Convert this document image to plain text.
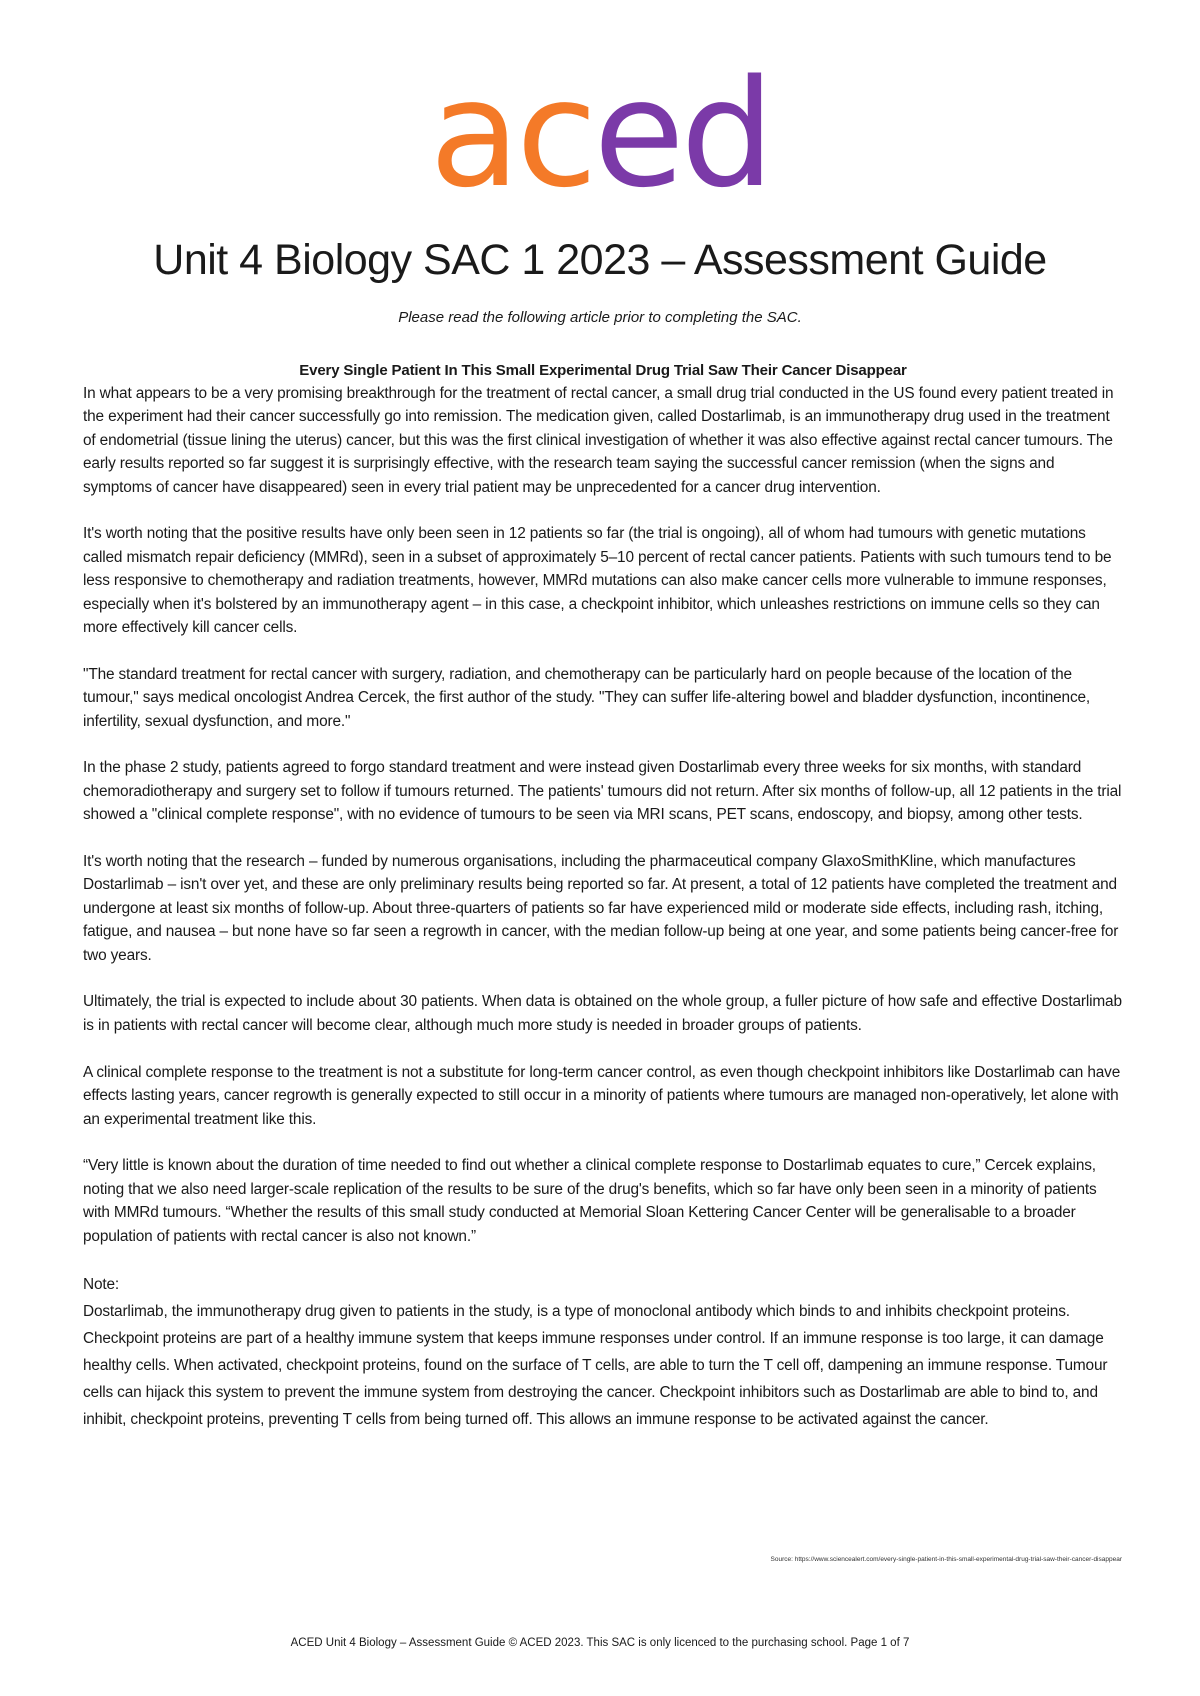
aced
Unit 4 Biology SAC 1 2023 – Assessment Guide

Please read the following article prior to completing the SAC.

Every Single Patient In This Small Experimental Drug Trial Saw Their Cancer Disappear

In what appears to be a very promising breakthrough for the treatment of rectal cancer, a small drug trial conducted in the US found every patient treated in the experiment had their cancer successfully go into remission. The medication given, called Dostarlimab, is an immunotherapy drug used in the treatment of endometrial (tissue lining the uterus) cancer, but this was the first clinical investigation of whether it was also effective against rectal cancer tumours. The early results reported so far suggest it is surprisingly effective, with the research team saying the successful cancer remission (when the signs and symptoms of cancer have disappeared) seen in every trial patient may be unprecedented for a cancer drug intervention.

It's worth noting that the positive results have only been seen in 12 patients so far (the trial is ongoing), all of whom had tumours with genetic mutations called mismatch repair deficiency (MMRd), seen in a subset of approximately 5–10 percent of rectal cancer patients. Patients with such tumours tend to be less responsive to chemotherapy and radiation treatments, however, MMRd mutations can also make cancer cells more vulnerable to immune responses, especially when it's bolstered by an immunotherapy agent – in this case, a checkpoint inhibitor, which unleashes restrictions on immune cells so they can more effectively kill cancer cells.

"The standard treatment for rectal cancer with surgery, radiation, and chemotherapy can be particularly hard on people because of the location of the tumour," says medical oncologist Andrea Cercek, the first author of the study. "They can suffer life-altering bowel and bladder dysfunction, incontinence, infertility, sexual dysfunction, and more."

In the phase 2 study, patients agreed to forgo standard treatment and were instead given Dostarlimab every three weeks for six months, with standard chemoradiotherapy and surgery set to follow if tumours returned. The patients' tumours did not return. After six months of follow-up, all 12 patients in the trial showed a "clinical complete response", with no evidence of tumours to be seen via MRI scans, PET scans, endoscopy, and biopsy, among other tests.

It's worth noting that the research – funded by numerous organisations, including the pharmaceutical company GlaxoSmithKline, which manufactures Dostarlimab – isn't over yet, and these are only preliminary results being reported so far. At present, a total of 12 patients have completed the treatment and undergone at least six months of follow-up. About three-quarters of patients so far have experienced mild or moderate side effects, including rash, itching, fatigue, and nausea – but none have so far seen a regrowth in cancer, with the median follow-up being at one year, and some patients being cancer-free for two years.

Ultimately, the trial is expected to include about 30 patients. When data is obtained on the whole group, a fuller picture of how safe and effective Dostarlimab is in patients with rectal cancer will become clear, although much more study is needed in broader groups of patients.

A clinical complete response to the treatment is not a substitute for long-term cancer control, as even though checkpoint inhibitors like Dostarlimab can have effects lasting years, cancer regrowth is generally expected to still occur in a minority of patients where tumours are managed non-operatively, let alone with an experimental treatment like this.

“Very little is known about the duration of time needed to find out whether a clinical complete response to Dostarlimab equates to cure,” Cercek explains, noting that we also need larger-scale replication of the results to be sure of the drug's benefits, which so far have only been seen in a minority of patients with MMRd tumours. “Whether the results of this small study conducted at Memorial Sloan Kettering Cancer Center will be generalisable to a broader population of patients with rectal cancer is also not known.”

Note:
Dostarlimab, the immunotherapy drug given to patients in the study, is a type of monoclonal antibody which binds to and inhibits checkpoint proteins. Checkpoint proteins are part of a healthy immune system that keeps immune responses under control. If an immune response is too large, it can damage healthy cells. When activated, checkpoint proteins, found on the surface of T cells, are able to turn the T cell off, dampening an immune response. Tumour cells can hijack this system to prevent the immune system from destroying the cancer. Checkpoint inhibitors such as Dostarlimab are able to bind to, and inhibit, checkpoint proteins, preventing T cells from being turned off. This allows an immune response to be activated against the cancer.
Source: https://www.sciencealert.com/every-single-patient-in-this-small-experimental-drug-trial-saw-their-cancer-disappear
ACED Unit 4 Biology – Assessment Guide © ACED 2023. This SAC is only licenced to the purchasing school. Page 1 of 7
